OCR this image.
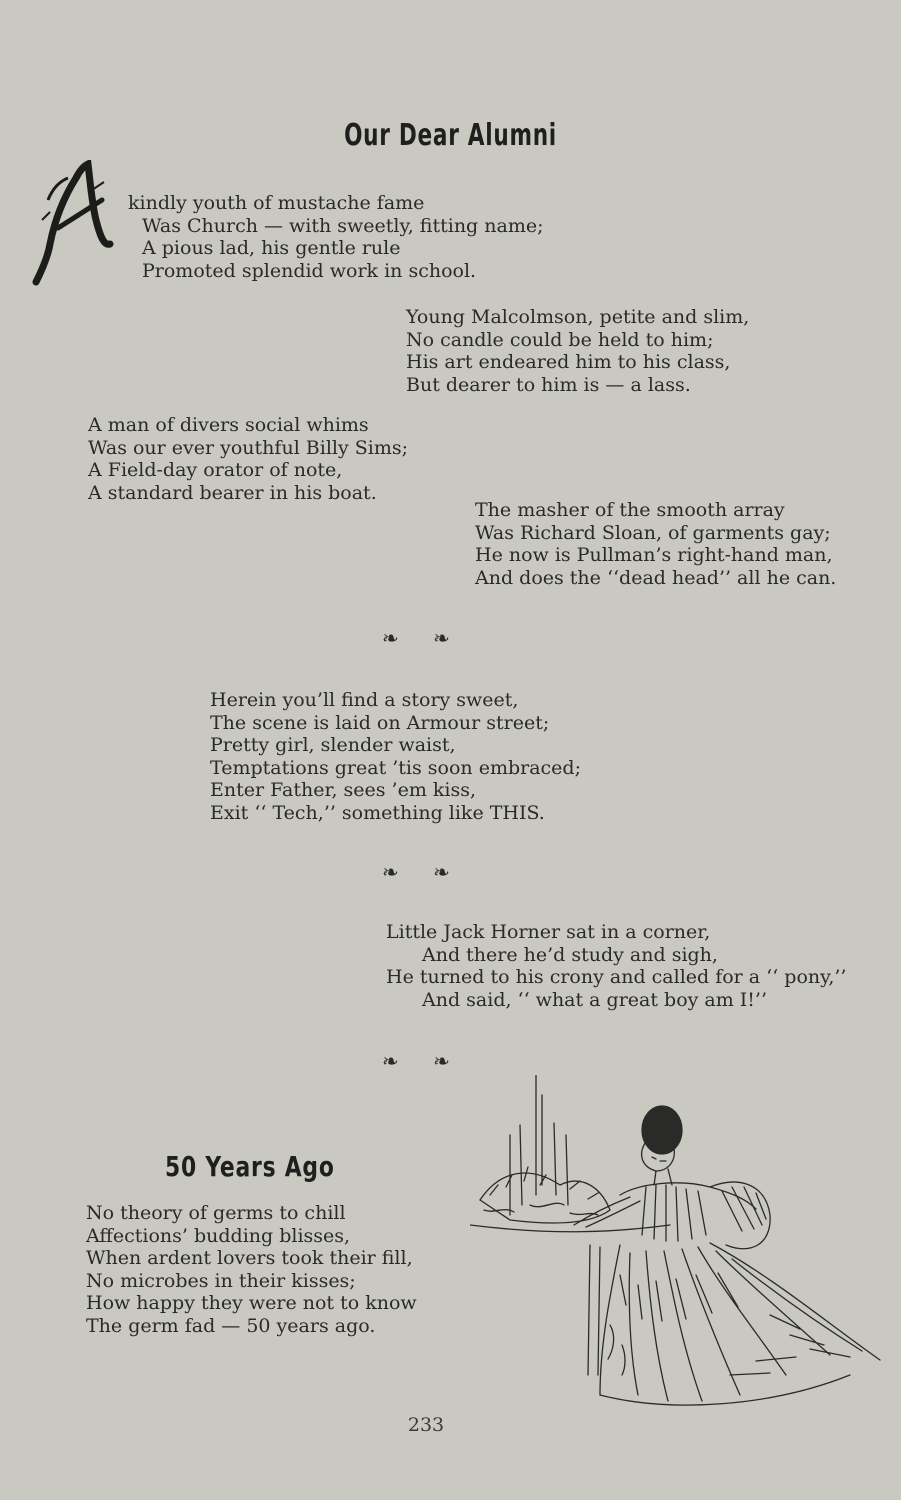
Our Dear Alumni
kindly youth of mustache fame
Was Church — with sweetly, fitting name;
A pious lad, his gentle rule
Promoted splendid work in school.
Young Malcolmson, petite and slim,
No candle could be held to him;
His art endeared him to his class,
But dearer to him is — a lass.
A man of divers social whims
Was our ever youthful Billy Sims;
A Field-day orator of note,
A standard bearer in his boat.
The masher of the smooth array
Was Richard Sloan, of garments gay;
He now is Pullman’s right-hand man,
And does the ‘‘dead head’’ all he can.
❧ ❧
Herein you’ll find a story sweet,
The scene is laid on Armour street;
Pretty girl, slender waist,
Temptations great ’tis soon embraced;
Enter Father, sees ’em kiss,
Exit ‘‘ Tech,’’ something like THIS.
❧ ❧
Little Jack Horner sat in a corner,
And there he’d study and sigh,
He turned to his crony and called for a ‘‘ pony,’’
And said, ‘‘ what a great boy am I!’’
❧ ❧
50 Years Ago
No theory of germs to chill
Affections’ budding blisses,
When ardent lovers took their fill,
No microbes in their kisses;
How happy they were not to know
The germ fad — 50 years ago.
233
